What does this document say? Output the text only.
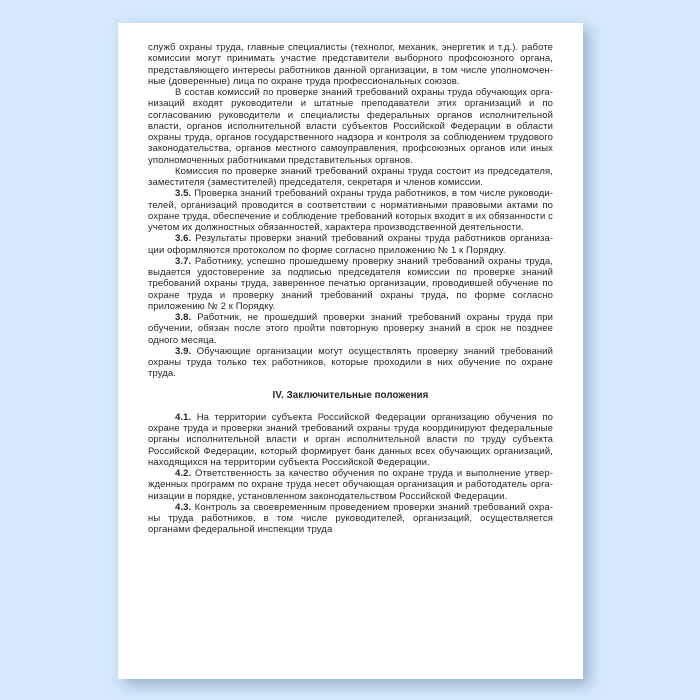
служб охраны труда, главные специалисты (технолог, механик, энергетик и т.д.). работе комиссии могут принимать участие представители выборного профсоюзного органа, представляющего интересы работников данной организации, в том числе уполномоченные (доверенные) лица по охране труда профессиональных союзов.

В состав комиссий по проверке знаний требований охраны труда обучающих организаций входят руководители и штатные преподаватели этих организаций и по согласованию руководители и специалисты федеральных органов исполнительной власти, органов исполнительной власти субъектов Российской Федерации в области охраны труда, органов государственного надзора и контроля за соблюдением трудового законодательства, органов местного самоуправления, профсоюзных органов или иных уполномоченных работниками представительных органов.

Комиссия по проверке знаний требований охраны труда состоит из председателя, заместителя (заместителей) председателя, секретаря и членов комиссии.

3.5. Проверка знаний требований охраны труда работников, в том числе руководителей, организаций проводится в соответствии с нормативными правовыми актами по охране труда, обеспечение и соблюдение требований которых входит в их обязанности с учетом их должностных обязанностей, характера производственной деятельности.

3.6. Результаты проверки знаний требований охраны труда работников организации оформляются протоколом по форме согласно приложению № 1 к Порядку.

3.7. Работнику, успешно прошедшему проверку знаний требований охраны труда, выдается удостоверение за подписью председателя комиссии по проверке знаний требований охраны труда, заверенное печатью организации, проводившей обучение по охране труда и проверку знаний требований охраны труда, по форме согласно приложению № 2 к Порядку.

3.8. Работник, не прошедший проверки знаний требований охраны труда при обучении, обязан после этого пройти повторную проверку знаний в срок не позднее одного месяца.

3.9. Обучающие организации могут осуществлять проверку знаний требований охраны труда только тех работников, которые проходили в них обучение по охране труда.

IV. Заключительные положения

4.1. На территории субъекта Российской Федерации организацию обучения по охране труда и проверки знаний требований охраны труда координируют федеральные органы исполнительной власти и орган исполнительной власти по труду субъекта Российской Федерации, который формирует банк данных всех обучающих организаций, находящихся на территории субъекта Российской Федерации.

4.2. Ответственность за качество обучения по охране труда и выполнение утвержденных программ по охране труда несет обучающая организация и работодатель организации в порядке, установленном законодательством Российской Федерации.

4.3. Контроль за своевременным проведением проверки знаний требований охраны труда работников, в том числе руководителей, организаций, осуществляется органами федеральной инспекции труда
